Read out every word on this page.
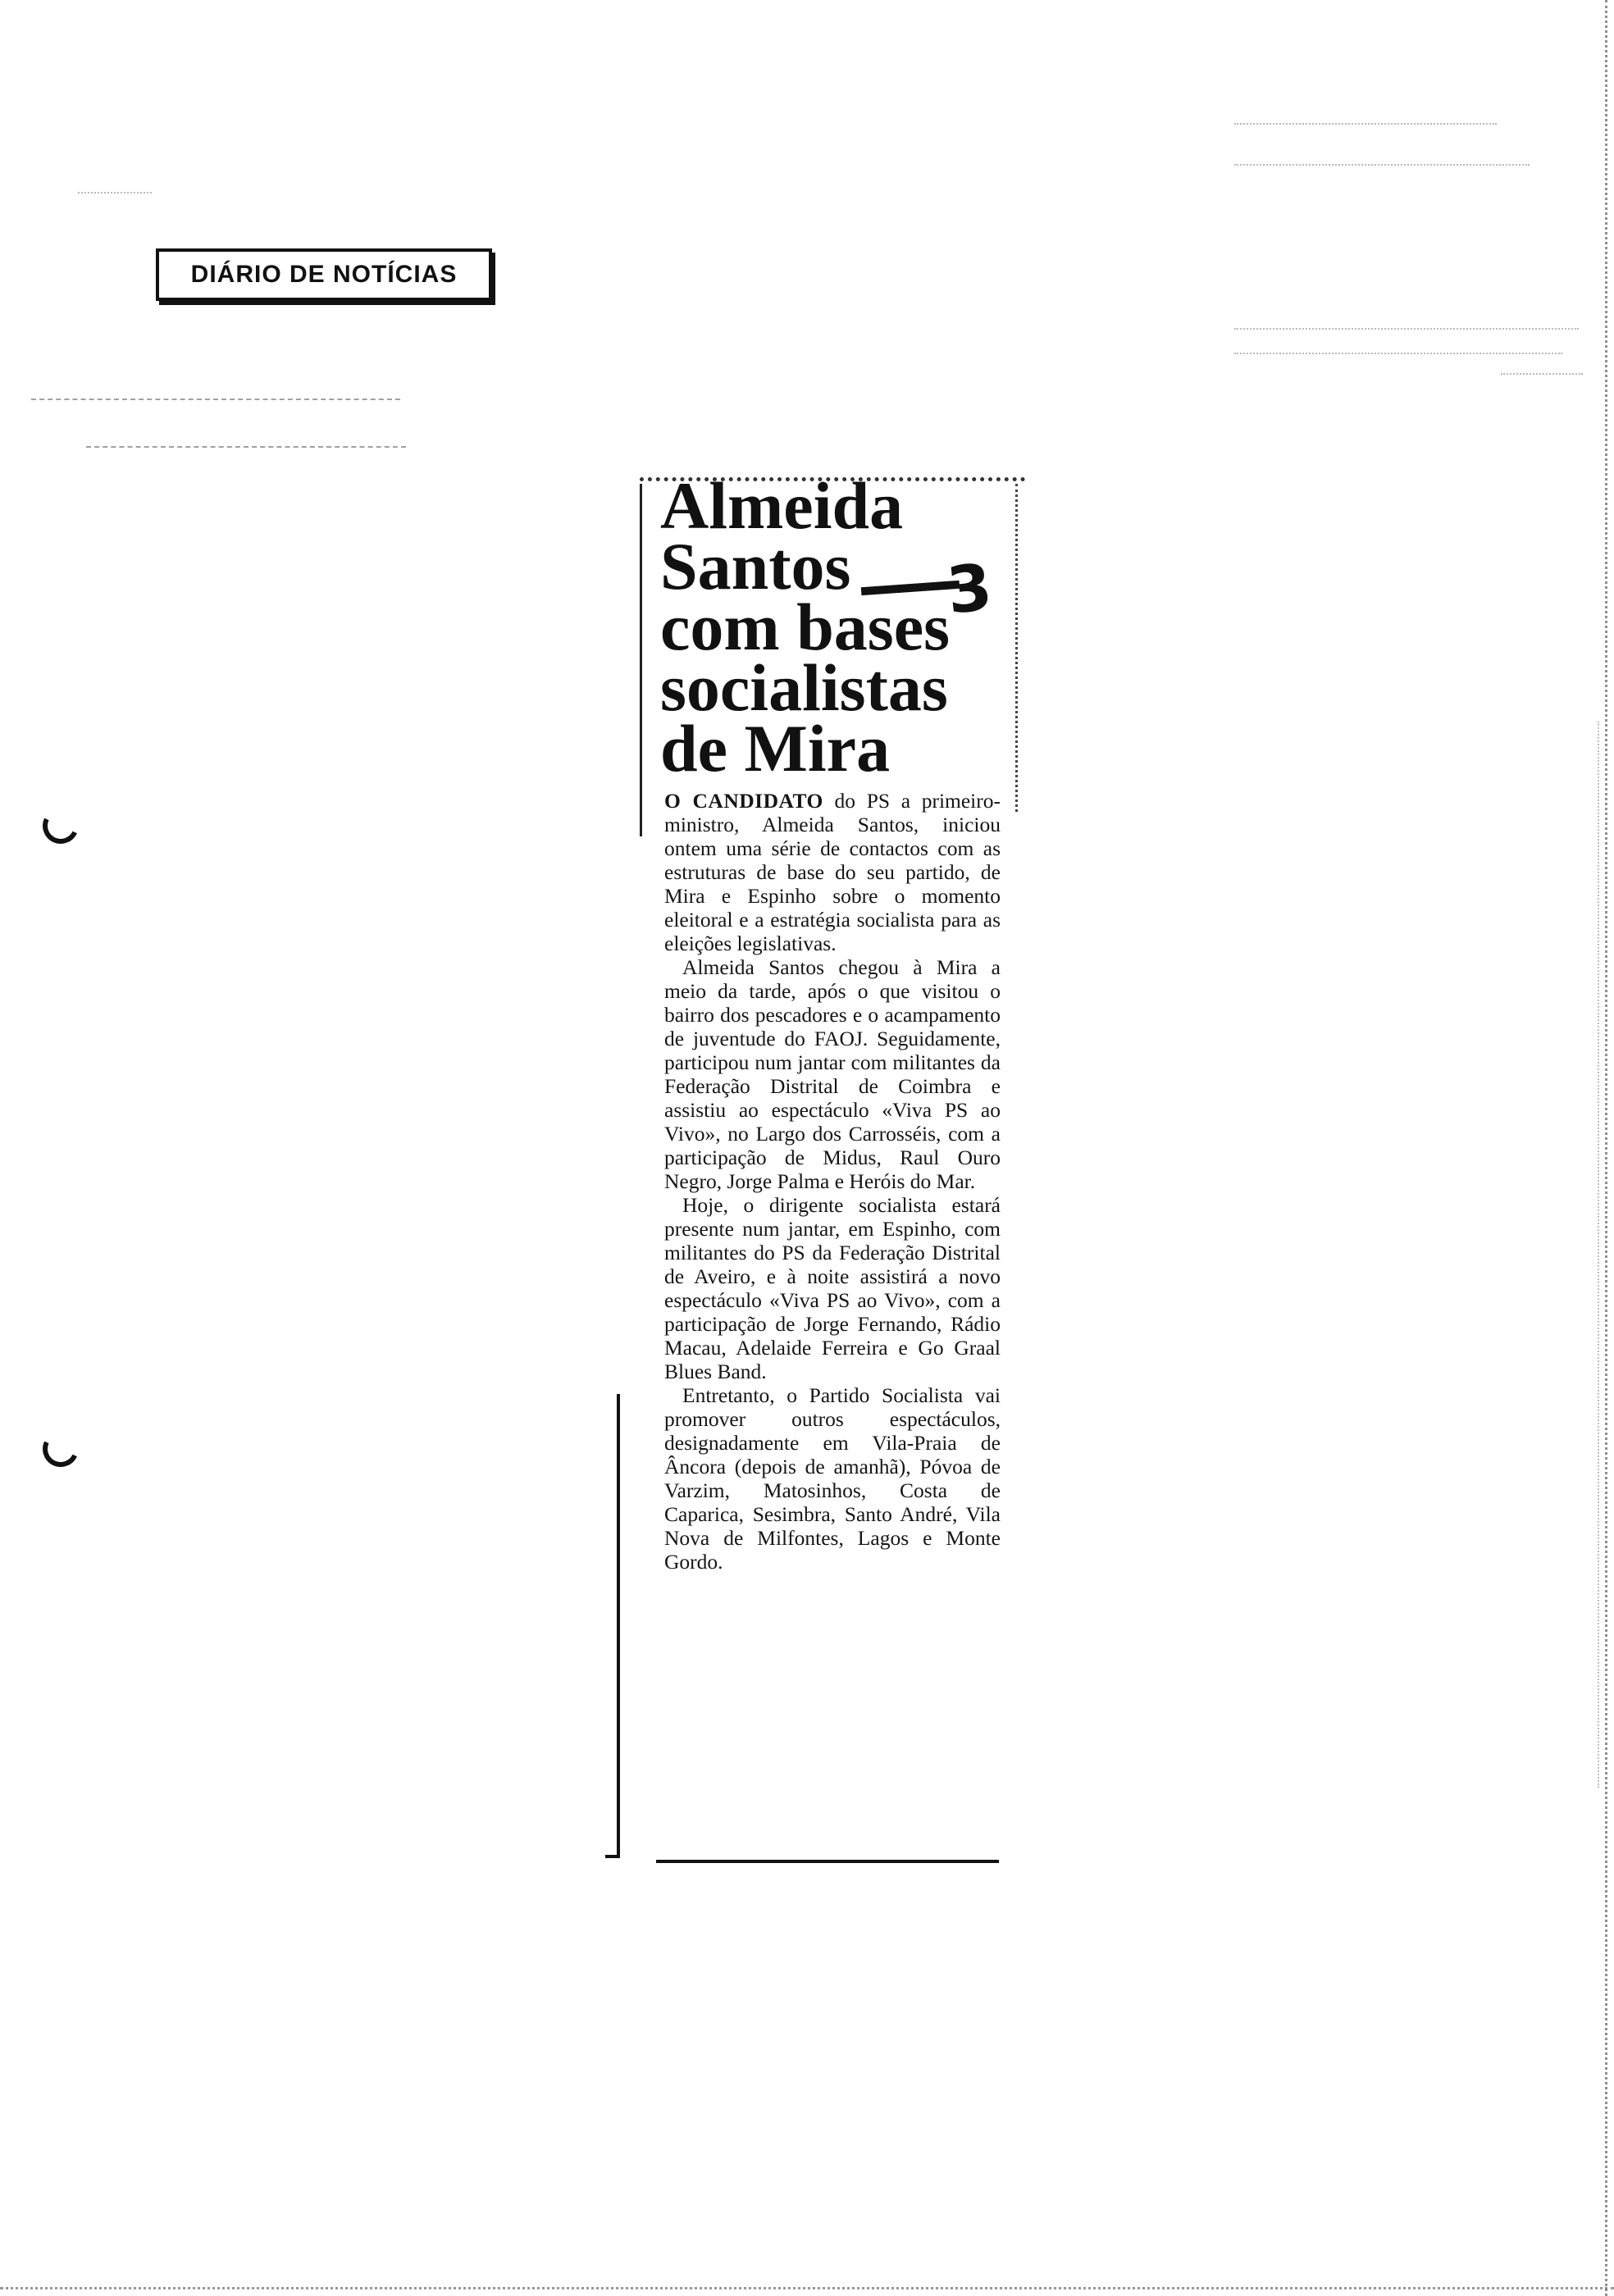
DIÁRIO DE NOTÍCIAS
Almeida
Santos
com bases
socialistas
de Mira
3

O CANDIDATO do PS a primeiro-ministro, Almeida Santos, iniciou ontem uma série de contactos com as estruturas de base do seu partido, de Mira e Espinho sobre o momento eleitoral e a estratégia socialista para as eleições legislativas.

Almeida Santos chegou à Mira a meio da tarde, após o que visitou o bairro dos pescadores e o acampamento de juventude do FAOJ. Seguidamente, participou num jantar com militantes da Federação Distrital de Coimbra e assistiu ao espectáculo «Viva PS ao Vivo», no Largo dos Carrosséis, com a participação de Midus, Raul Ouro Negro, Jorge Palma e Heróis do Mar.

Hoje, o dirigente socialista estará presente num jantar, em Espinho, com militantes do PS da Federação Distrital de Aveiro, e à noite assistirá a novo espectáculo «Viva PS ao Vivo», com a participação de Jorge Fernando, Rádio Macau, Adelaide Ferreira e Go Graal Blues Band.

Entretanto, o Partido Socialista vai promover outros espectáculos, designadamente em Vila-Praia de Âncora (depois de amanhã), Póvoa de Varzim, Matosinhos, Costa de Caparica, Sesimbra, Santo André, Vila Nova de Milfontes, Lagos e Monte Gordo.
